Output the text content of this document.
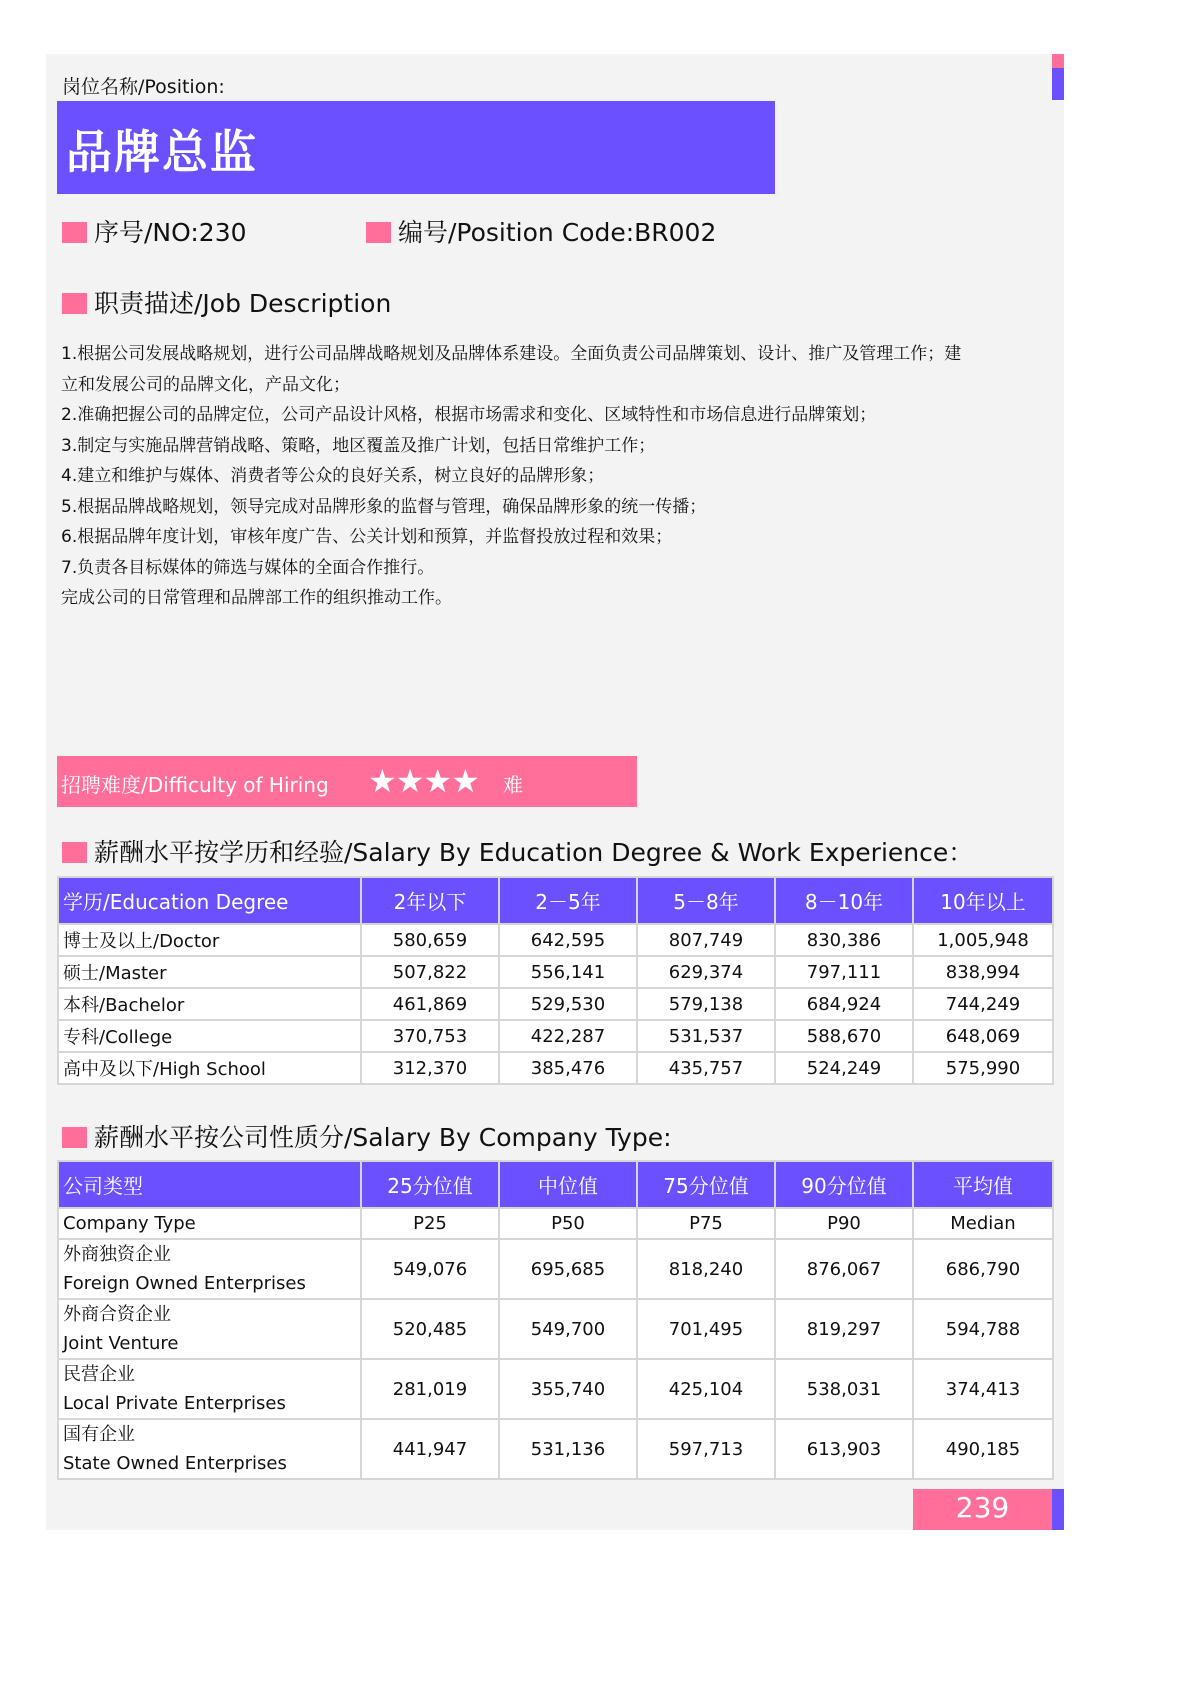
岗位名称/Position:
品牌总监
序号/NO:230	编号/Position Code:BR002
职责描述/Job Description
1.根据公司发展战略规划，进行公司品牌战略规划及品牌体系建设。全面负责公司品牌策划、设计、推广及管理工作；建
立和发展公司的品牌文化，产品文化；
2.准确把握公司的品牌定位，公司产品设计风格，根据市场需求和变化、区域特性和市场信息进行品牌策划；
3.制定与实施品牌营销战略、策略，地区覆盖及推广计划，包括日常维护工作；
4.建立和维护与媒体、消费者等公众的良好关系，树立良好的品牌形象；
5.根据品牌战略规划，领导完成对品牌形象的监督与管理，确保品牌形象的统一传播；
6.根据品牌年度计划，审核年度广告、公关计划和预算，并监督投放过程和效果；
7.负责各目标媒体的筛选与媒体的全面合作推行。
完成公司的日常管理和品牌部工作的组织推动工作。
招聘难度/Difficulty of Hiring ★★★★ 难
薪酬水平按学历和经验/Salary By Education Degree & Work Experience：
学历/Education Degree	2年以下	2－5年	5－8年	8－10年	10年以上
博士及以上/Doctor	580,659	642,595	807,749	830,386	1,005,948
硕士/Master	507,822	556,141	629,374	797,111	838,994
本科/Bachelor	461,869	529,530	579,138	684,924	744,249
专科/College	370,753	422,287	531,537	588,670	648,069
高中及以下/High School	312,370	385,476	435,757	524,249	575,990
薪酬水平按公司性质分/Salary By Company Type:
公司类型	25分位值	中位值	75分位值	90分位值	平均值
Company Type	P25	P50	P75	P90	Median

外商独资企业
Foreign Owned Enterprises	549,076	695,685	818,240	876,067	686,790

外商合资企业
Joint Venture	520,485	549,700	701,495	819,297	594,788

民营企业
Local Private Enterprises	281,019	355,740	425,104	538,031	374,413

国有企业
State Owned Enterprises	441,947	531,136	597,713	613,903	490,185
239
